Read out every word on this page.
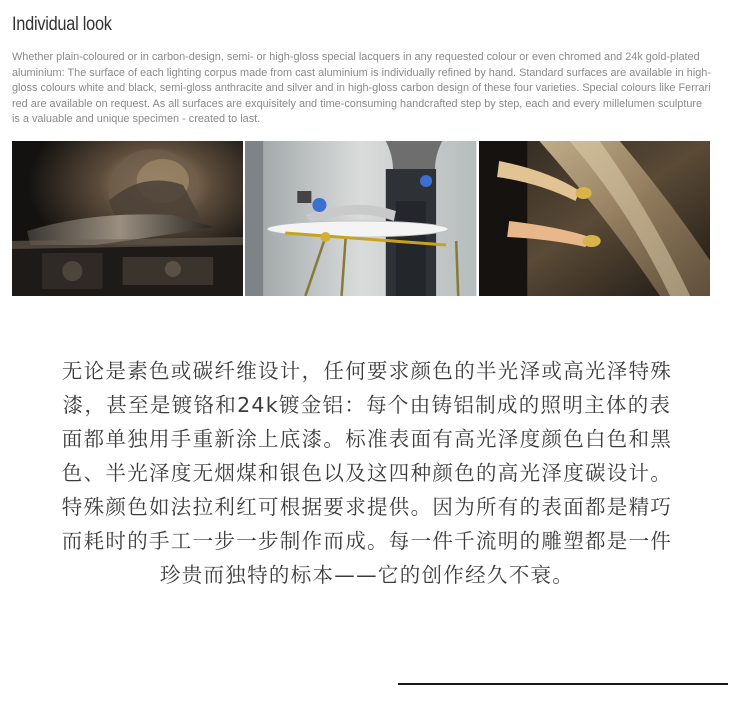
Individual look

Whether plain-coloured or in carbon-design, semi- or high-gloss special lacquers in any requested colour or even chromed and 24k gold-plated aluminium: The surface of each lighting corpus made from cast aluminium is individually refined by hand. Standard surfaces are available in high-gloss colours white and black, semi-gloss anthracite and silver and in high-gloss carbon design of these four varieties. Special colours like Ferrari red are available on request. As all surfaces are exquisitely and time-consuming handcrafted step by step, each and every millelumen sculpture is a valuable and unique specimen - created to last.

无论是素色或碳纤维设计，任何要求颜色的半光泽或高光泽特殊漆，甚至是镀铬和24k镀金铝：每个由铸铝制成的照明主体的表面都单独用手重新涂上底漆。标准表面有高光泽度颜色白色和黑色、半光泽度无烟煤和银色以及这四种颜色的高光泽度碳设计。特殊颜色如法拉利红可根据要求提供。因为所有的表面都是精巧而耗时的手工一步一步制作而成。每一件千流明的雕塑都是一件珍贵而独特的标本——它的创作经久不衰。
